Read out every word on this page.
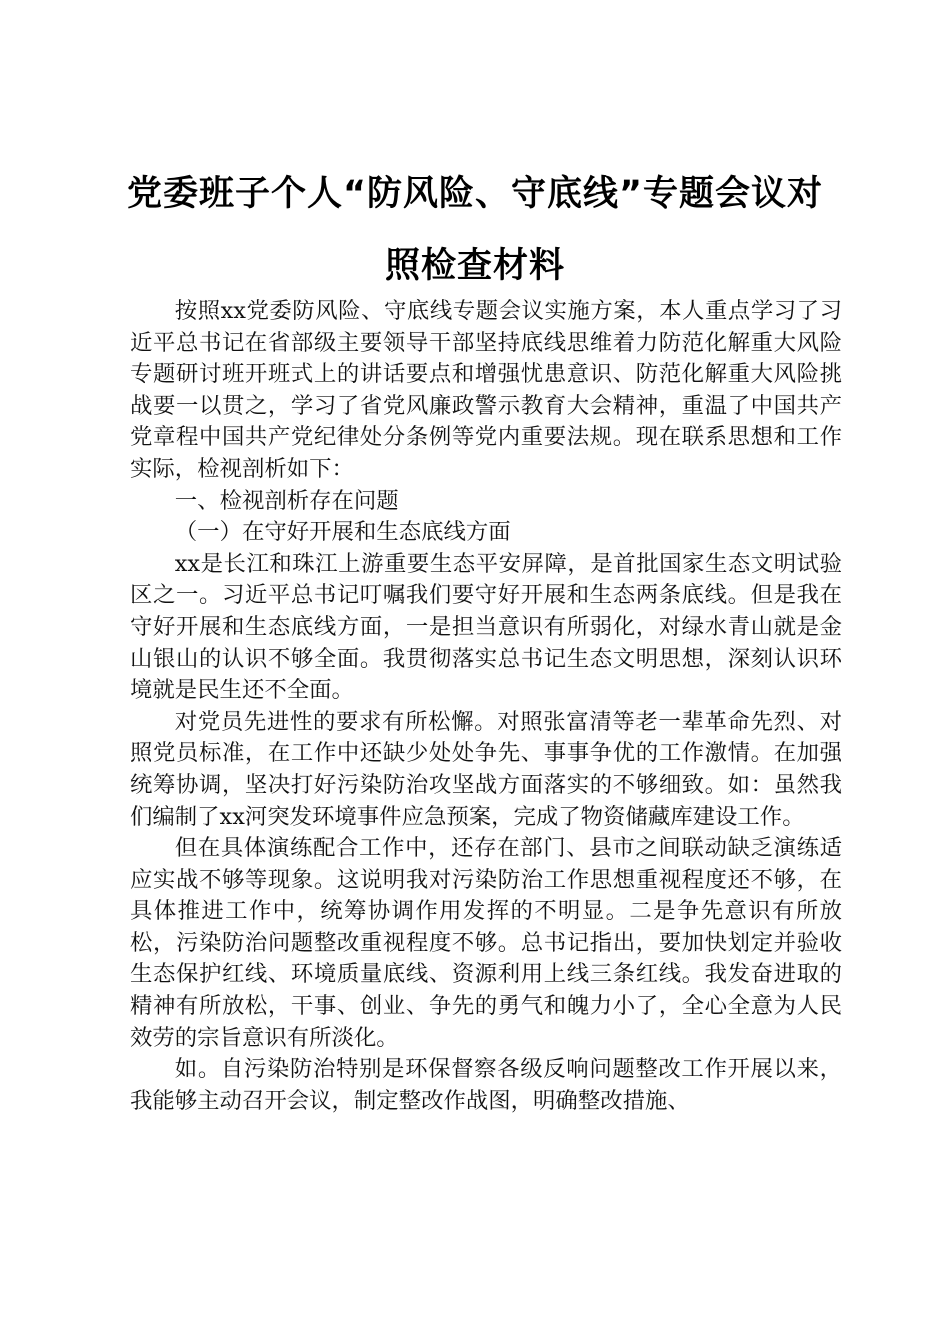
党委班子个人“防风险、守底线”专题会议对照检查材料

按照xx党委防风险、守底线专题会议实施方案，本人重点学习了习近平总书记在省部级主要领导干部坚持底线思维着力防范化解重大风险专题研讨班开班式上的讲话要点和增强忧患意识、防范化解重大风险挑战要一以贯之，学习了省党风廉政警示教育大会精神，重温了中国共产党章程中国共产党纪律处分条例等党内重要法规。现在联系思想和工作实际，检视剖析如下：

一、检视剖析存在问题

（一）在守好开展和生态底线方面

xx是长江和珠江上游重要生态平安屏障，是首批国家生态文明试验区之一。习近平总书记叮嘱我们要守好开展和生态两条底线。但是我在守好开展和生态底线方面，一是担当意识有所弱化，对绿水青山就是金山银山的认识不够全面。我贯彻落实总书记生态文明思想，深刻认识环境就是民生还不全面。

对党员先进性的要求有所松懈。对照张富清等老一辈革命先烈、对照党员标准，在工作中还缺少处处争先、事事争优的工作激情。在加强统筹协调，坚决打好污染防治攻坚战方面落实的不够细致。如：虽然我们编制了xx河突发环境事件应急预案，完成了物资储藏库建设工作。

但在具体演练配合工作中，还存在部门、县市之间联动缺乏演练适应实战不够等现象。这说明我对污染防治工作思想重视程度还不够，在具体推进工作中，统筹协调作用发挥的不明显。二是争先意识有所放松，污染防治问题整改重视程度不够。总书记指出，要加快划定并验收生态保护红线、环境质量底线、资源利用上线三条红线。我发奋进取的精神有所放松，干事、创业、争先的勇气和魄力小了，全心全意为人民效劳的宗旨意识有所淡化。

如。自污染防治特别是环保督察各级反响问题整改工作开展以来，我能够主动召开会议，制定整改作战图，明确整改措施、
